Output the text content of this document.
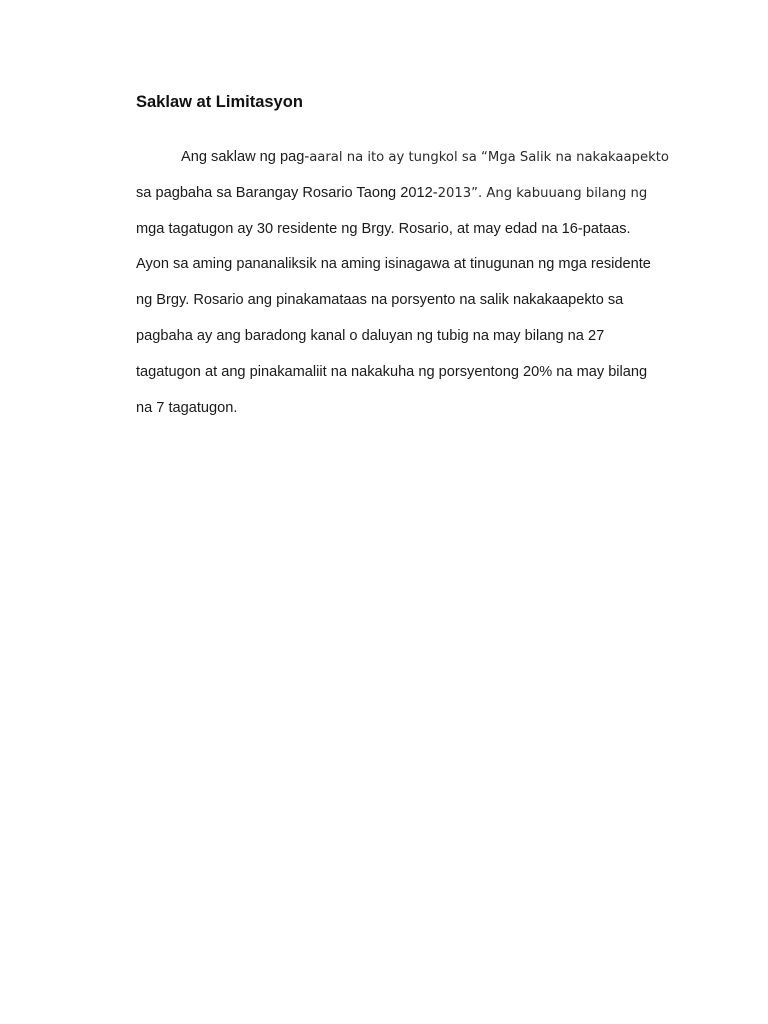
Saklaw at Limitasyon
Ang saklaw ng pag-aaral na ito ay tungkol sa “Mga Salik na nakakaapekto
sa pagbaha sa Barangay Rosario Taong 2012-2013”. Ang kabuuang bilang ng
mga tagatugon ay 30 residente ng Brgy. Rosario, at may edad na 16-pataas.
Ayon sa aming pananaliksik na aming isinagawa at tinugunan ng mga residente
ng Brgy. Rosario ang pinakamataas na porsyento na salik nakakaapekto sa
pagbaha ay ang baradong kanal o daluyan ng tubig na may bilang na 27
tagatugon at ang pinakamaliit na nakakuha ng porsyentong 20% na may bilang
na 7 tagatugon.
